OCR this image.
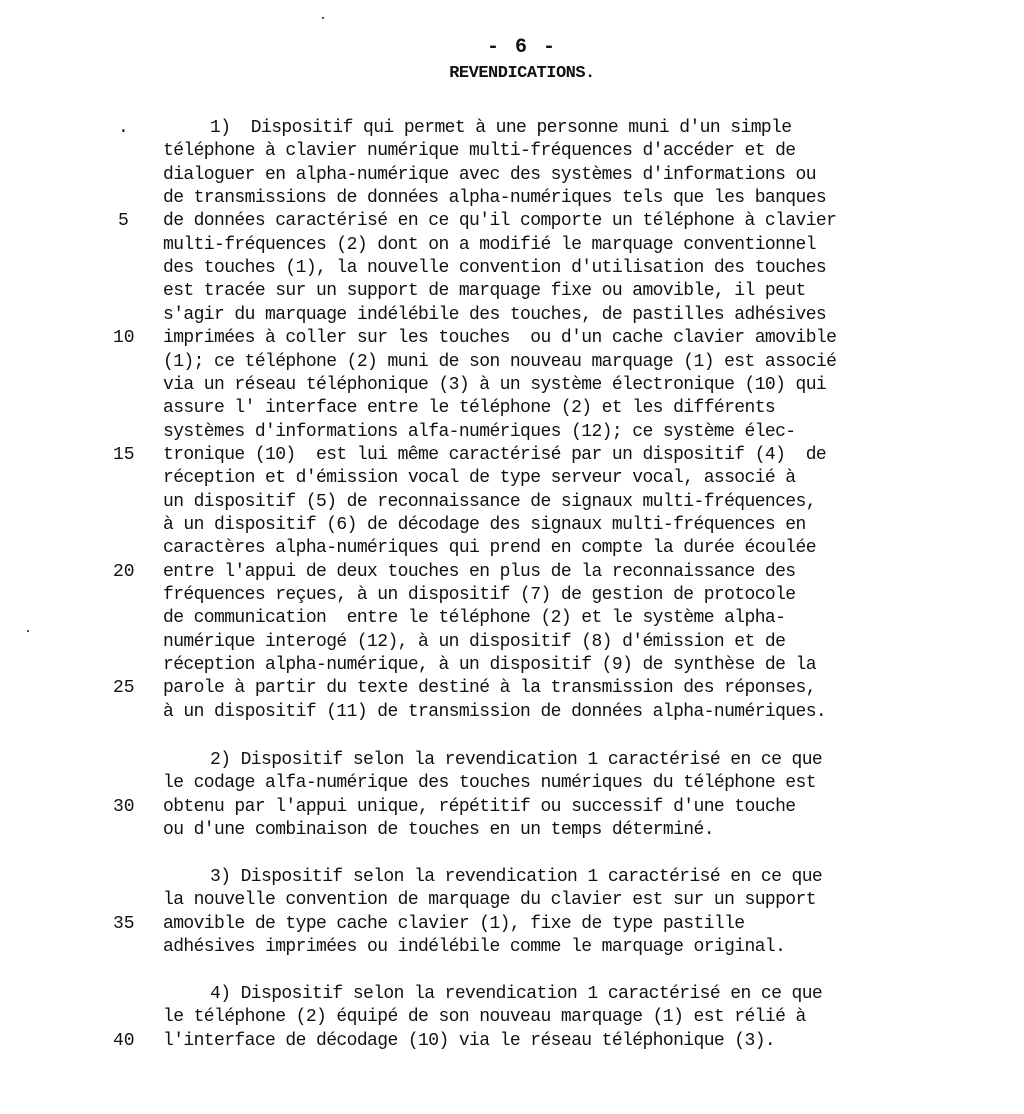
- 6 -
REVENDICATIONS.
.	1)  Dispositif qui permet à une personne muni d'un simple
téléphone à clavier numérique multi-fréquences d'accéder et de
dialoguer en alpha-numérique avec des systèmes d'informations ou
de transmissions de données alpha-numériques tels que les banques
de données caractérisé en ce qu'il comporte un téléphone à clavier
multi-fréquences (2) dont on a modifié le marquage conventionnel
des touches (1), la nouvelle convention d'utilisation des touches
est tracée sur un support de marquage fixe ou amovible, il peut
s'agir du marquage indélébile des touches, de pastilles adhésives
imprimées à coller sur les touches  ou d'un cache clavier amovible
(1); ce téléphone (2) muni de son nouveau marquage (1) est associé
via un réseau téléphonique (3) à un système électronique (10) qui
assure l' interface entre le téléphone (2) et les différents
systèmes d'informations alfa-numériques (12); ce système élec-
tronique (10)  est lui même caractérisé par un dispositif (4)  de
réception et d'émission vocal de type serveur vocal, associé à
un dispositif (5) de reconnaissance de signaux multi-fréquences,
à un dispositif (6) de décodage des signaux multi-fréquences en
caractères alpha-numériques qui prend en compte la durée écoulée
entre l'appui de deux touches en plus de la reconnaissance des
fréquences reçues, à un dispositif (7) de gestion de protocole
de communication  entre le téléphone (2) et le système alpha-
numérique interogé (12), à un dispositif (8) d'émission et de
réception alpha-numérique, à un dispositif (9) de synthèse de la
parole à partir du texte destiné à la transmission des réponses,
à un dispositif (11) de transmission de données alpha-numériques.
2) Dispositif selon la revendication 1 caractérisé en ce que
le codage alfa-numérique des touches numériques du téléphone est
obtenu par l'appui unique, répétitif ou successif d'une touche
ou d'une combinaison de touches en un temps déterminé.
3) Dispositif selon la revendication 1 caractérisé en ce que
la nouvelle convention de marquage du clavier est sur un support
amovible de type cache clavier (1), fixe de type pastille
adhésives imprimées ou indélébile comme le marquage original.
4) Dispositif selon la revendication 1 caractérisé en ce que
le téléphone (2) équipé de son nouveau marquage (1) est rélié à
l'interface de décodage (10) via le réseau téléphonique (3).
5
10
15
20
25
30
35
40
